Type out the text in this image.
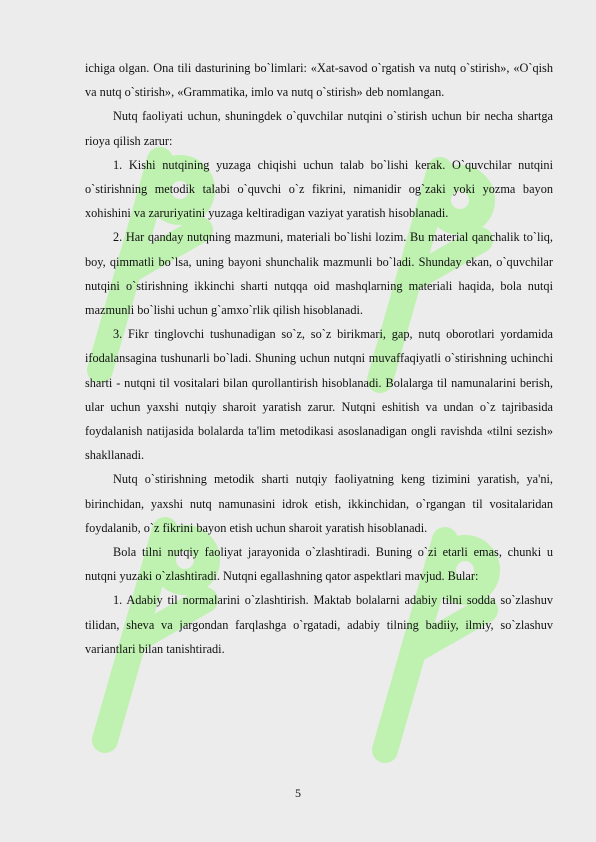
ichiga olgan. Ona tili dasturining bo`limlari: «Xat-savod o`rgatish va nutq o`stirish», «O`qish va nutq o`stirish», «Grammatika, imlo va nutq o`stirish» deb nomlangan.

Nutq faoliyati uchun, shuningdek o`quvchilar nutqini o`stirish uchun bir necha shartga rioya qilish zarur:

1. Kishi nutqining yuzaga chiqishi uchun talab bo`lishi kerak. O`quvchilar nutqini o`stirishning metodik talabi o`quvchi o`z fikrini, nimanidir og`zaki yoki yozma bayon xohishini va zaruriyatini yuzaga keltiradigan vaziyat yaratish hisoblanadi.

2. Har qanday nutqning mazmuni, materiali bo`lishi lozim. Bu material qanchalik to`liq, boy, qimmatli bo`lsa, uning bayoni shunchalik mazmunli bo`ladi. Shunday ekan, o`quvchilar nutqini o`stirishning ikkinchi sharti nutqqa oid mashqlarning materiali haqida, bola nutqi mazmunli bo`lishi uchun g`amxo`rlik qilish hisoblanadi.

3. Fikr tinglovchi tushunadigan so`z, so`z birikmari, gap, nutq oborotlari yordamida ifodalansagina tushunarli bo`ladi. Shuning uchun nutqni muvaffaqiyatli o`stirishning uchinchi sharti - nutqni til vositalari bilan qurollantirish hisoblanadi. Bolalarga til namunalarini berish, ular uchun yaxshi nutqiy sharoit yaratish zarur. Nutqni eshitish va undan o`z tajribasida foydalanish natijasida bolalarda ta'lim metodikasi asoslanadigan ongli ravishda «tilni sezish» shakllanadi.

Nutq o`stirishning metodik sharti nutqiy faoliyatning keng tizimini yaratish, ya'ni, birinchidan, yaxshi nutq namunasini idrok etish, ikkinchidan, o`rgangan til vositalaridan foydalanib, o`z fikrini bayon etish uchun sharoit yaratish hisoblanadi.

Bola tilni nutqiy faoliyat jarayonida o`zlashtiradi. Buning o`zi etarli emas, chunki u nutqni yuzaki o`zlashtiradi. Nutqni egallashning qator aspektlari mavjud. Bular:

1. Adabiy til normalarini o`zlashtirish. Maktab bolalarni adabiy tilni sodda so`zlashuv tilidan, sheva va jargondan farqlashga o`rgatadi, adabiy tilning badiiy, ilmiy, so`zlashuv variantlari bilan tanishtiradi.

5
